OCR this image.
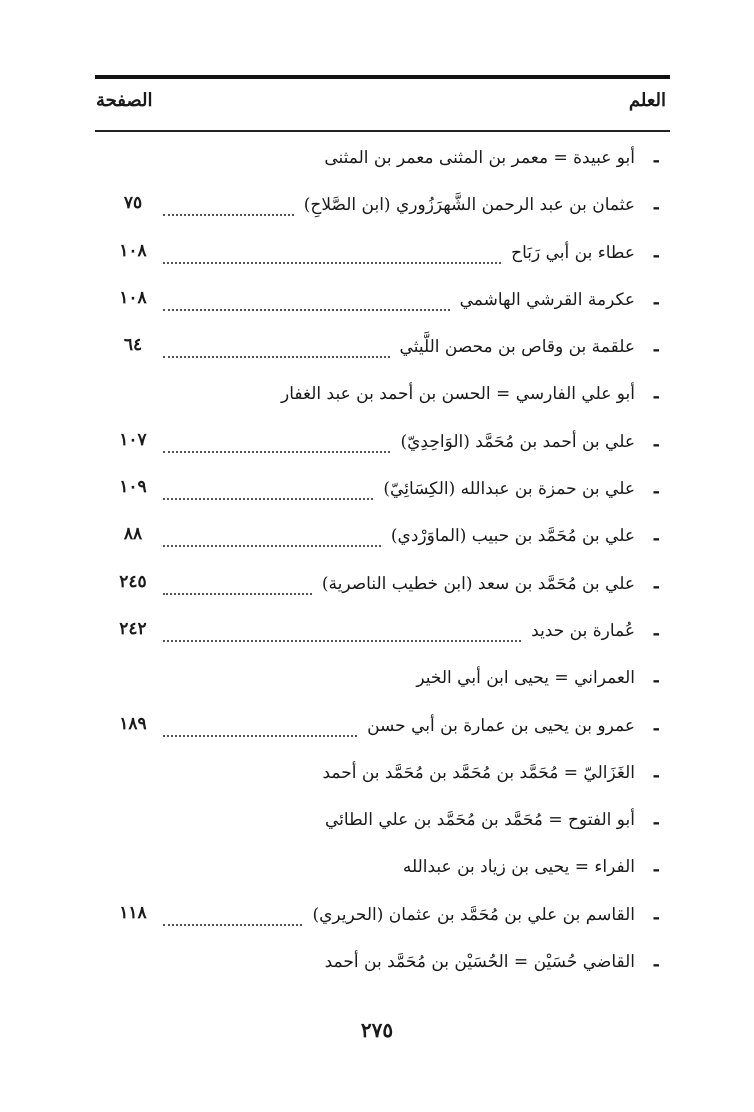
العلم
الصفحة
-
أبو عبيدة = معمر بن المثنى معمر بن المثنى
-
عثمان بن عبد الرحمن الشَّهرَزُوري (ابن الصَّلاحِ)
٧٥
-
عطاء بن أبي رَبَاح
١٠٨
-
عكرمة القرشي الهاشمي
١٠٨
-
علقمة بن وقاص بن محصن اللَّيثي
٦٤
-
أبو علي الفارسي = الحسن بن أحمد بن عبد الغفار
-
علي بن أحمد بن مُحَمَّد (الوَاحِدِيّ)
١٠٧
-
علي بن حمزة بن عبدالله (الكِسَائِيّ)
١٠٩
-
علي بن مُحَمَّد بن حبيب (الماوَرْدي)
٨٨
-
علي بن مُحَمَّد بن سعد (ابن خطيب الناصرية)
٢٤٥
-
عُمارة بن حديد
٢٤٢
-
العمراني = يحيى ابن أبي الخير
-
عمرو بن يحيى بن عمارة بن أبي حسن
١٨٩
-
الغَزَاليّ = مُحَمَّد بن مُحَمَّد بن مُحَمَّد بن أحمد
-
أبو الفتوح = مُحَمَّد بن مُحَمَّد بن علي الطائي
-
الفراء = يحيى بن زياد بن عبدالله
-
القاسم بن علي بن مُحَمَّد بن عثمان (الحريري)
١١٨
-
القاضي حُسَيْن = الحُسَيْن بن مُحَمَّد بن أحمد
٢٧٥
